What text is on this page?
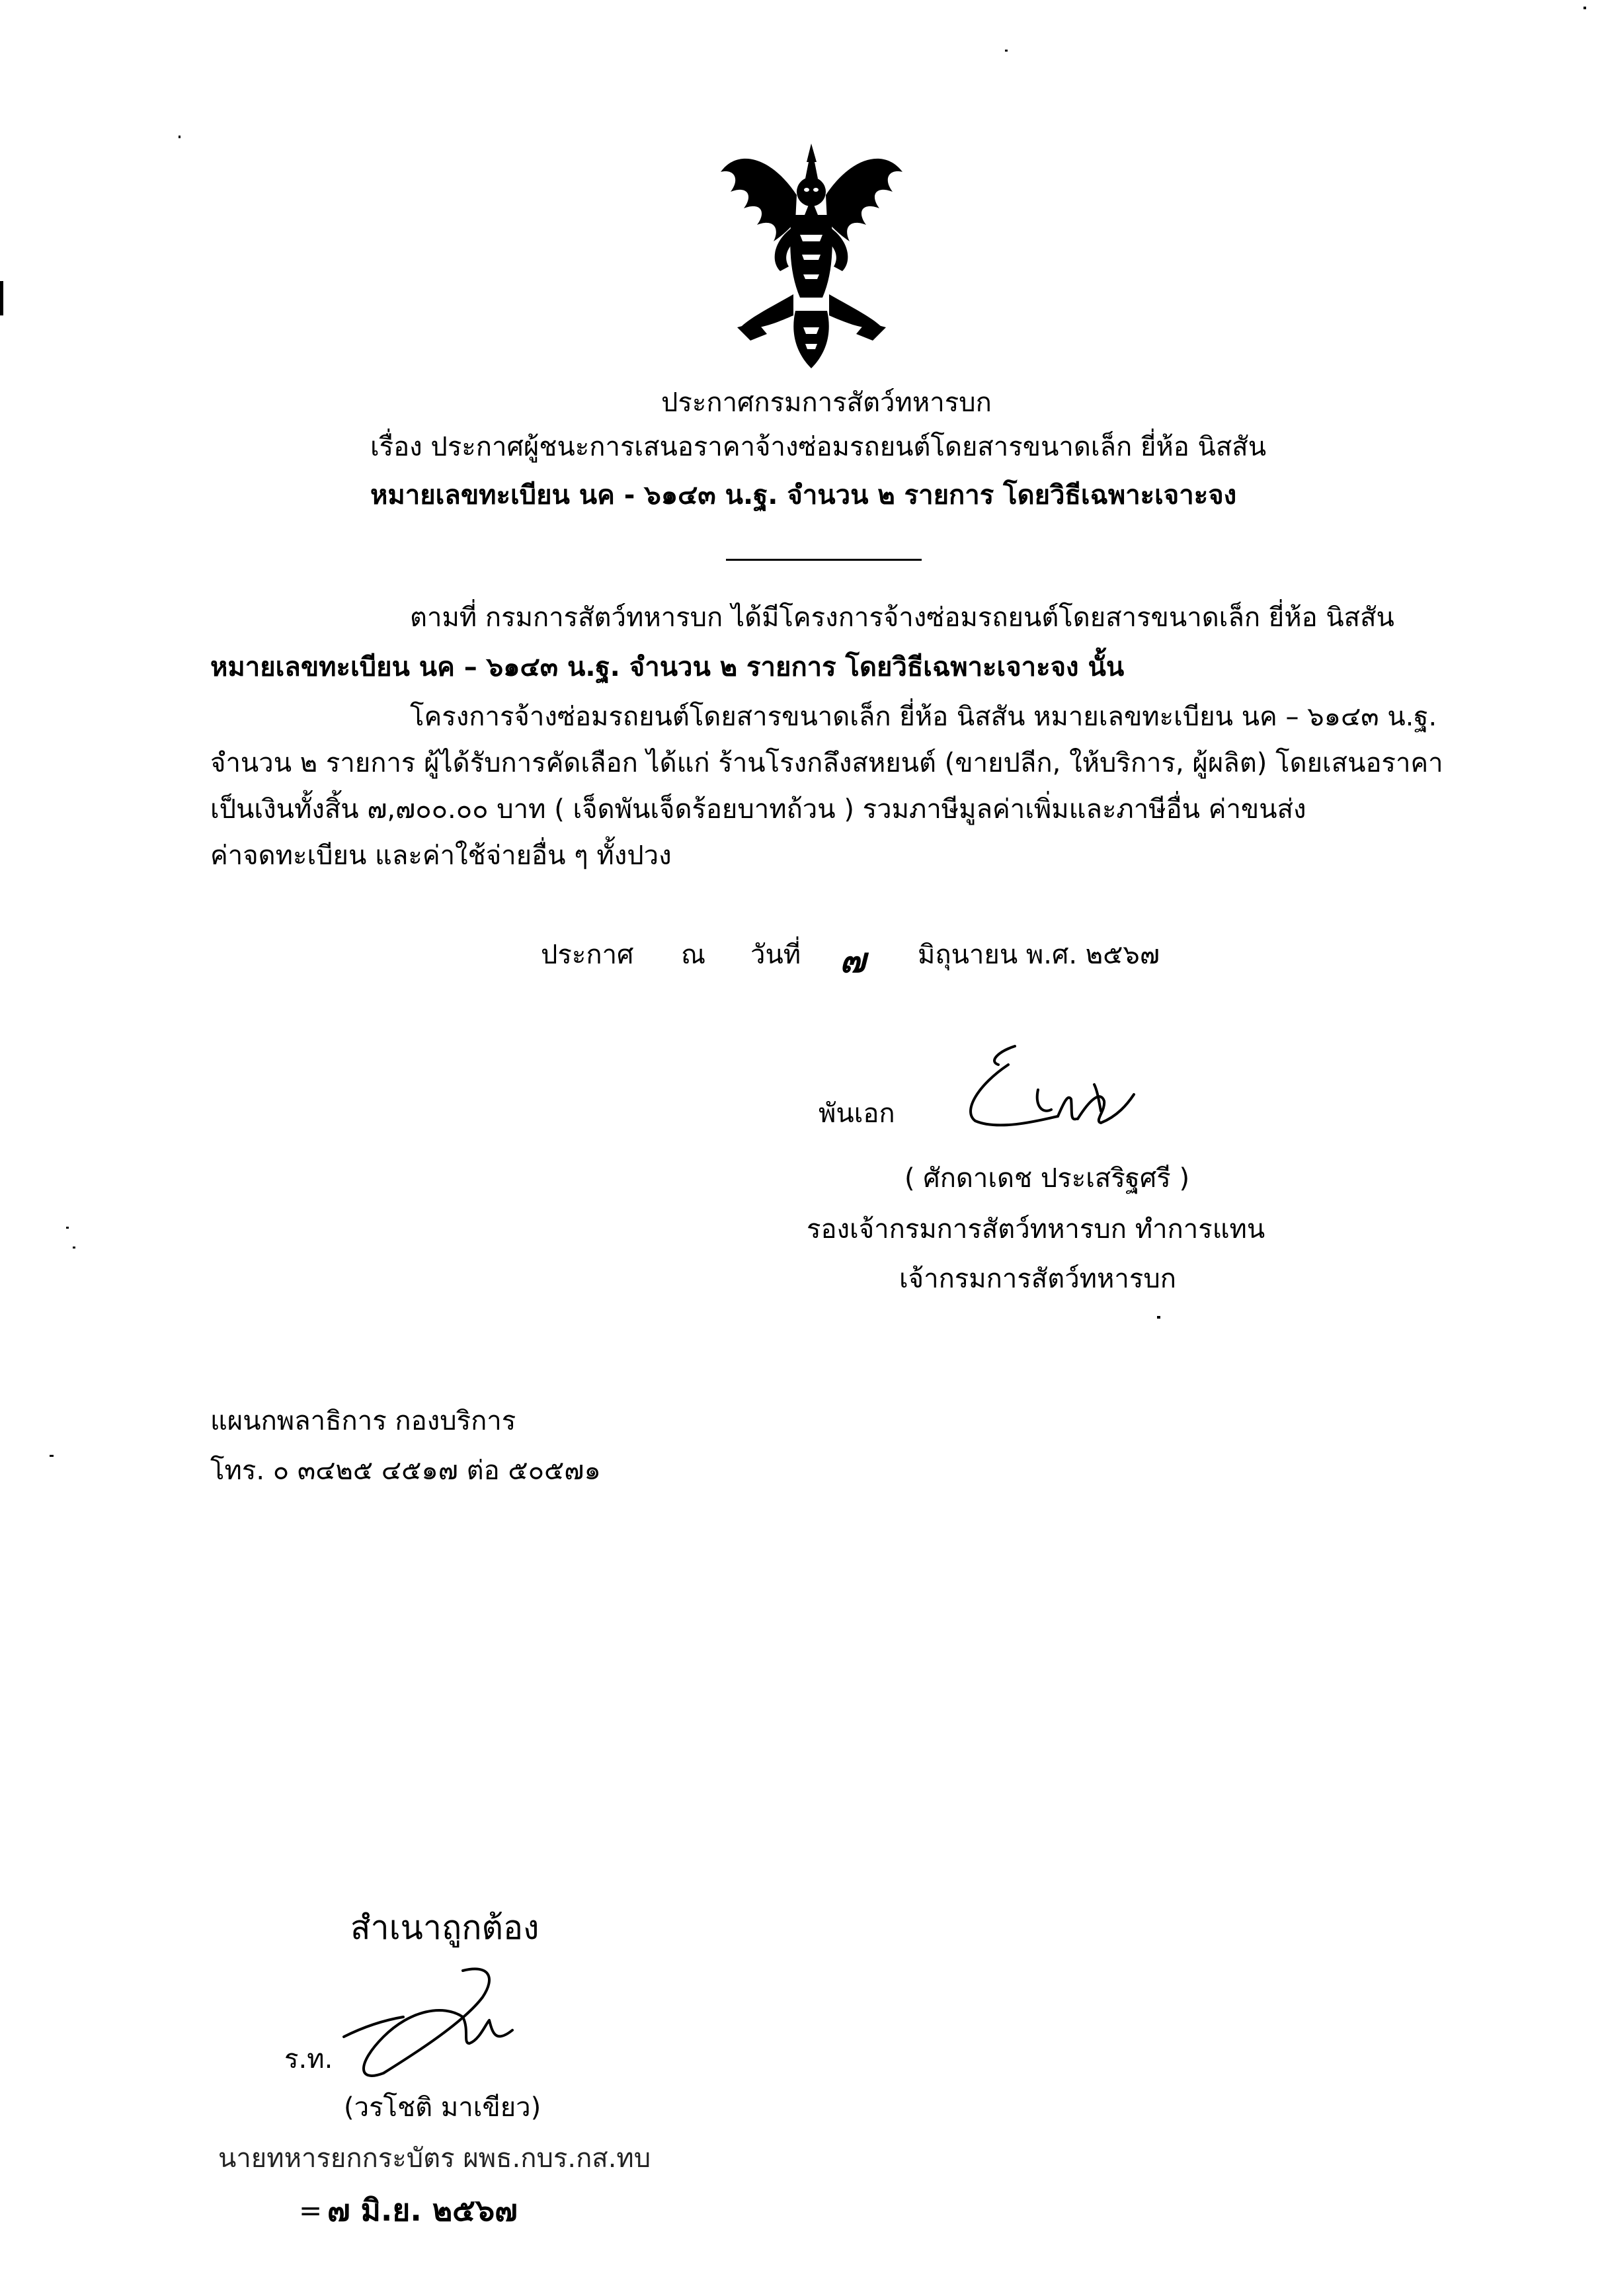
ประกาศกรมการสัตว์ทหารบก
เรื่อง ประกาศผู้ชนะการเสนอราคาจ้างซ่อมรถยนต์โดยสารขนาดเล็ก ยี่ห้อ นิสสัน
หมายเลขทะเบียน นค - ๖๑๔๓ น.ฐ. จำนวน ๒ รายการ โดยวิธีเฉพาะเจาะจง
ตามที่ กรมการสัตว์ทหารบก ได้มีโครงการจ้างซ่อมรถยนต์โดยสารขนาดเล็ก ยี่ห้อ นิสสัน
หมายเลขทะเบียน นค – ๖๑๔๓ น.ฐ. จำนวน ๒ รายการ โดยวิธีเฉพาะเจาะจง นั้น
โครงการจ้างซ่อมรถยนต์โดยสารขนาดเล็ก ยี่ห้อ นิสสัน หมายเลขทะเบียน นค – ๖๑๔๓ น.ฐ.
จำนวน ๒ รายการ ผู้ได้รับการคัดเลือก ได้แก่ ร้านโรงกลึงสหยนต์ (ขายปลีก, ให้บริการ, ผู้ผลิต) โดยเสนอราคา
เป็นเงินทั้งสิ้น ๗,๗๐๐.๐๐ บาท ( เจ็ดพันเจ็ดร้อยบาทถ้วน ) รวมภาษีมูลค่าเพิ่มและภาษีอื่น ค่าขนส่ง
ค่าจดทะเบียน และค่าใช้จ่ายอื่น ๆ ทั้งปวง
ประกาศ ณ วันที่ ๗ มิถุนายน พ.ศ. ๒๕๖๗
พันเอก
( ศักดาเดช ประเสริฐศรี )
รองเจ้ากรมการสัตว์ทหารบก ทำการแทน
เจ้ากรมการสัตว์ทหารบก
แผนกพลาธิการ กองบริการ
โทร. ๐ ๓๔๒๕ ๔๕๑๗ ต่อ ๕๐๕๗๑
สำเนาถูกต้อง
ร.ท.
(วรโชติ มาเขียว)
นายทหารยกกระบัตร ผพธ.กบร.กส.ทบ
= ๗ มิ.ย. ๒๕๖๗
